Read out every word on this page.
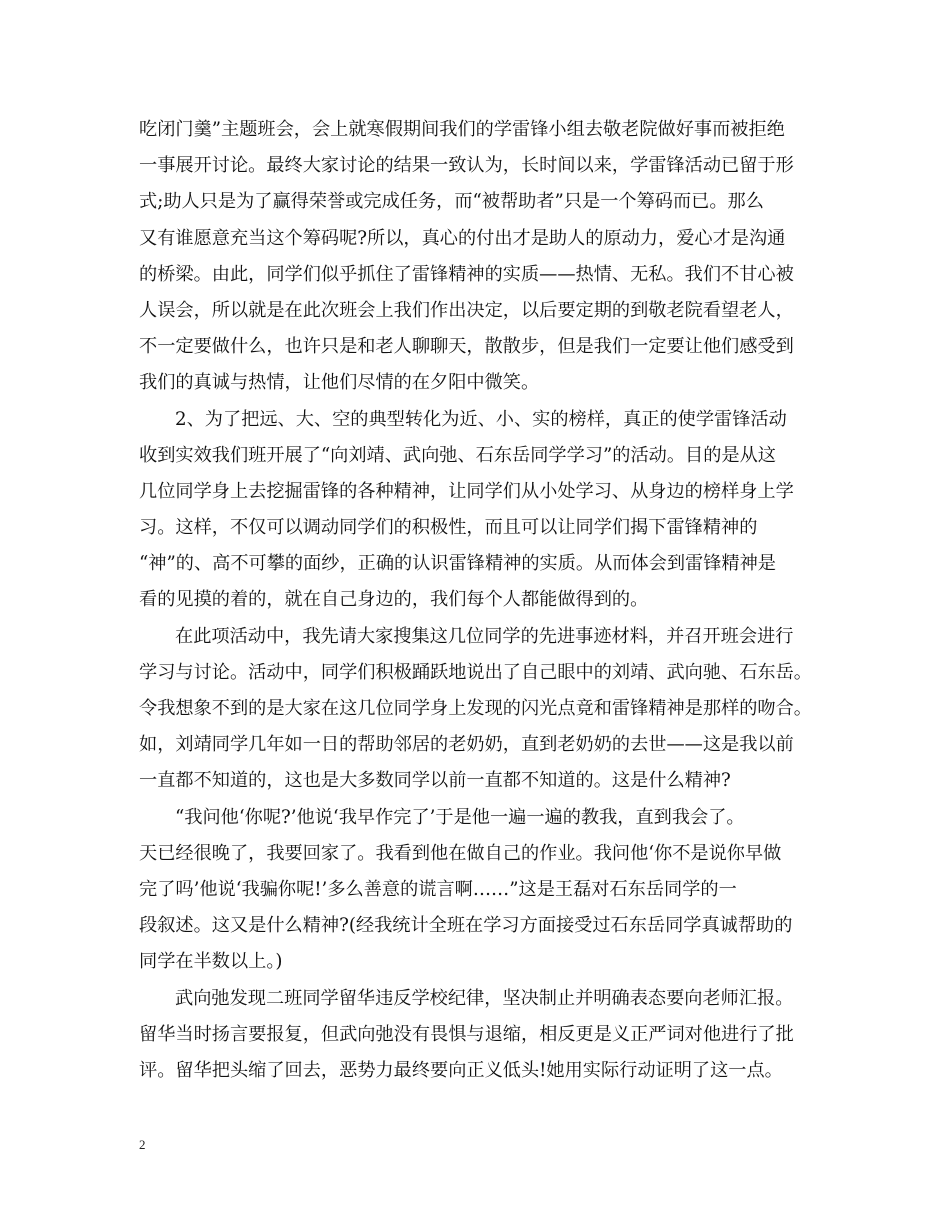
吃闭门羹”主题班会，会上就寒假期间我们的学雷锋小组去敬老院做好事而被拒绝
一事展开讨论。最终大家讨论的结果一致认为，长时间以来，学雷锋活动已留于形
式;助人只是为了赢得荣誉或完成任务，而“被帮助者”只是一个筹码而已。那么
又有谁愿意充当这个筹码呢?所以，真心的付出才是助人的原动力，爱心才是沟通
的桥梁。由此，同学们似乎抓住了雷锋精神的实质——热情、无私。我们不甘心被
人误会，所以就是在此次班会上我们作出决定，以后要定期的到敬老院看望老人，
不一定要做什么，也许只是和老人聊聊天，散散步，但是我们一定要让他们感受到
我们的真诚与热情，让他们尽情的在夕阳中微笑。
2、为了把远、大、空的典型转化为近、小、实的榜样，真正的使学雷锋活动
收到实效我们班开展了“向刘靖、武向弛、石东岳同学学习”的活动。目的是从这
几位同学身上去挖掘雷锋的各种精神，让同学们从小处学习、从身边的榜样身上学
习。这样，不仅可以调动同学们的积极性，而且可以让同学们揭下雷锋精神的
“神”的、高不可攀的面纱，正确的认识雷锋精神的实质。从而体会到雷锋精神是
看的见摸的着的，就在自己身边的，我们每个人都能做得到的。
在此项活动中，我先请大家搜集这几位同学的先进事迹材料，并召开班会进行
学习与讨论。活动中，同学们积极踊跃地说出了自己眼中的刘靖、武向驰、石东岳。
令我想象不到的是大家在这几位同学身上发现的闪光点竟和雷锋精神是那样的吻合。
如，刘靖同学几年如一日的帮助邻居的老奶奶，直到老奶奶的去世——这是我以前
一直都不知道的，这也是大多数同学以前一直都不知道的。这是什么精神?
“我问他‘你呢?’他说‘我早作完了’于是他一遍一遍的教我，直到我会了。
天已经很晚了，我要回家了。我看到他在做自己的作业。我问他‘你不是说你早做
完了吗’他说‘我骗你呢!’多么善意的谎言啊……”这是王磊对石东岳同学的一
段叙述。这又是什么精神?(经我统计全班在学习方面接受过石东岳同学真诚帮助的
同学在半数以上。)
武向弛发现二班同学留华违反学校纪律，坚决制止并明确表态要向老师汇报。
留华当时扬言要报复，但武向弛没有畏惧与退缩，相反更是义正严词对他进行了批
评。留华把头缩了回去，恶势力最终要向正义低头!她用实际行动证明了这一点。
2
